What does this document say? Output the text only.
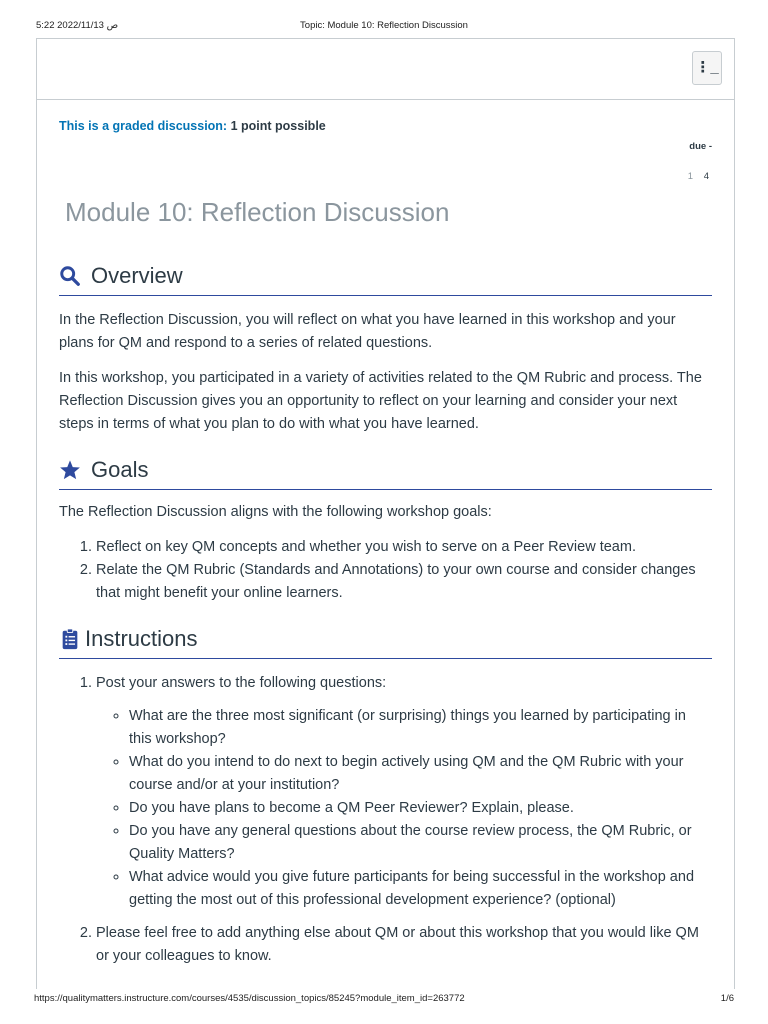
5:22 2022/11/13 ص	Topic: Module 10: Reflection Discussion
⋮_
This is a graded discussion: 1 point possible
due -
1 4
Module 10: Reflection Discussion
Overview

In the Reflection Discussion, you will reflect on what you have learned in this workshop and your plans for QM and respond to a series of related questions.

In this workshop, you participated in a variety of activities related to the QM Rubric and process. The Reflection Discussion gives you an opportunity to reflect on your learning and consider your next steps in terms of what you plan to do with what you have learned.

Goals

The Reflection Discussion aligns with the following workshop goals:

1. Reflect on key QM concepts and whether you wish to serve on a Peer Review team.
2. Relate the QM Rubric (Standards and Annotations) to your own course and consider changes that might benefit your online learners.
Instructions
1. Post your answers to the following questions:
◦ What are the three most significant (or surprising) things you learned by participating in this workshop?
◦ What do you intend to do next to begin actively using QM and the QM Rubric with your course and/or at your institution?
◦ Do you have plans to become a QM Peer Reviewer? Explain, please.
◦ Do you have any general questions about the course review process, the QM Rubric, or Quality Matters?
◦ What advice would you give future participants for being successful in the workshop and getting the most out of this professional development experience? (optional)
2. Please feel free to add anything else about QM or about this workshop that you would like QM or your colleagues to know.
https://qualitymatters.instructure.com/courses/4535/discussion_topics/85245?module_item_id=263772	1/6
